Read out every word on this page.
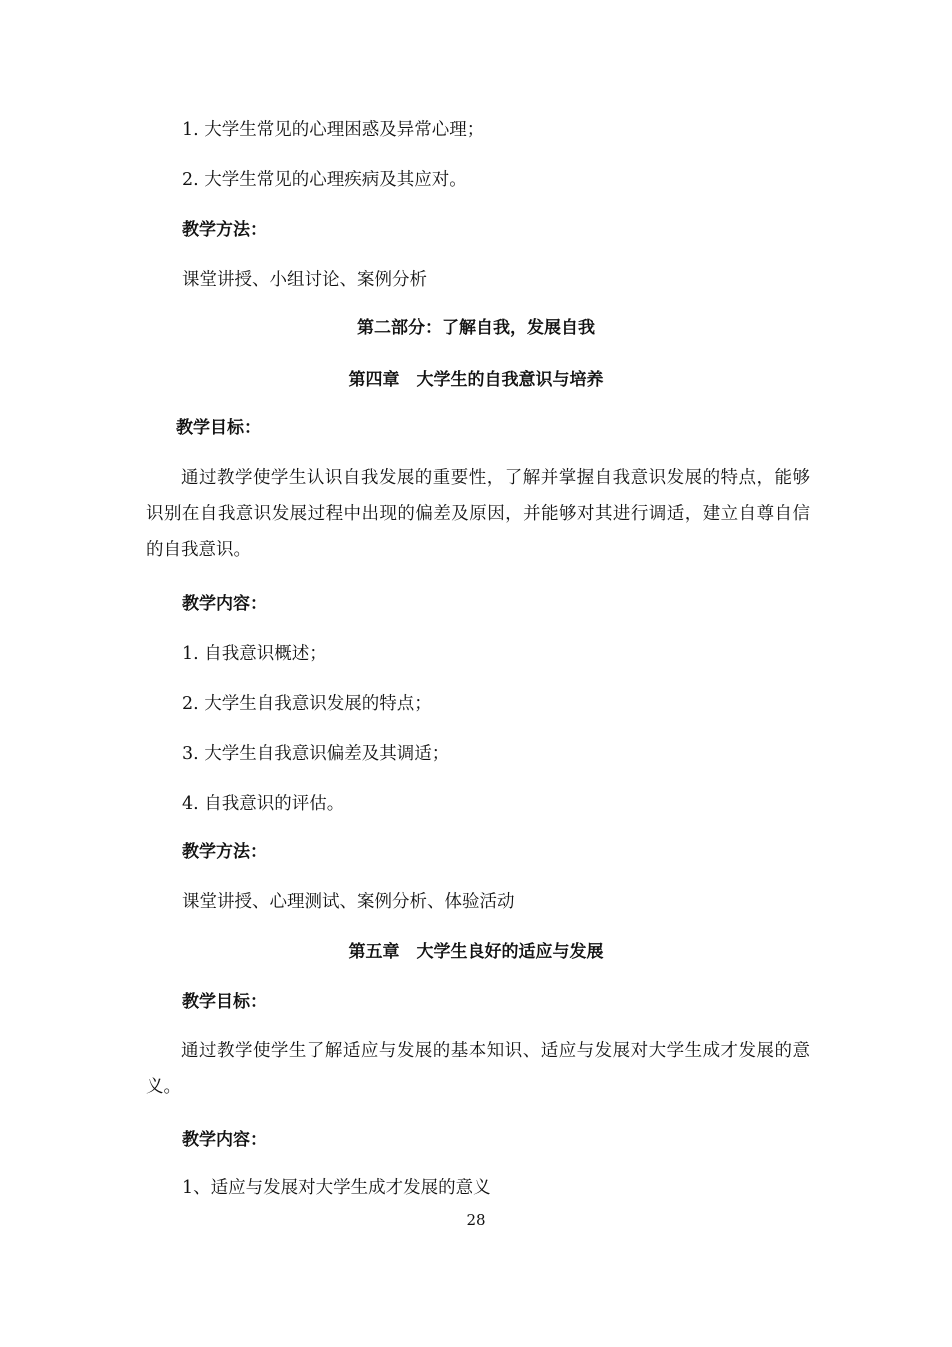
1. 大学生常见的心理困惑及异常心理；
2. 大学生常见的心理疾病及其应对。
教学方法：
课堂讲授、小组讨论、案例分析
第二部分：了解自我，发展自我
第四章　大学生的自我意识与培养
教学目标：

通过教学使学生认识自我发展的重要性，了解并掌握自我意识发展的特点，能够识别在自我意识发展过程中出现的偏差及原因，并能够对其进行调适，建立自尊自信的自我意识。

教学内容：
1. 自我意识概述；
2. 大学生自我意识发展的特点；
3. 大学生自我意识偏差及其调适；
4. 自我意识的评估。
教学方法：
课堂讲授、心理测试、案例分析、体验活动
第五章　大学生良好的适应与发展
教学目标：

通过教学使学生了解适应与发展的基本知识、适应与发展对大学生成才发展的意义。

教学内容：
1、适应与发展对大学生成才发展的意义
28
